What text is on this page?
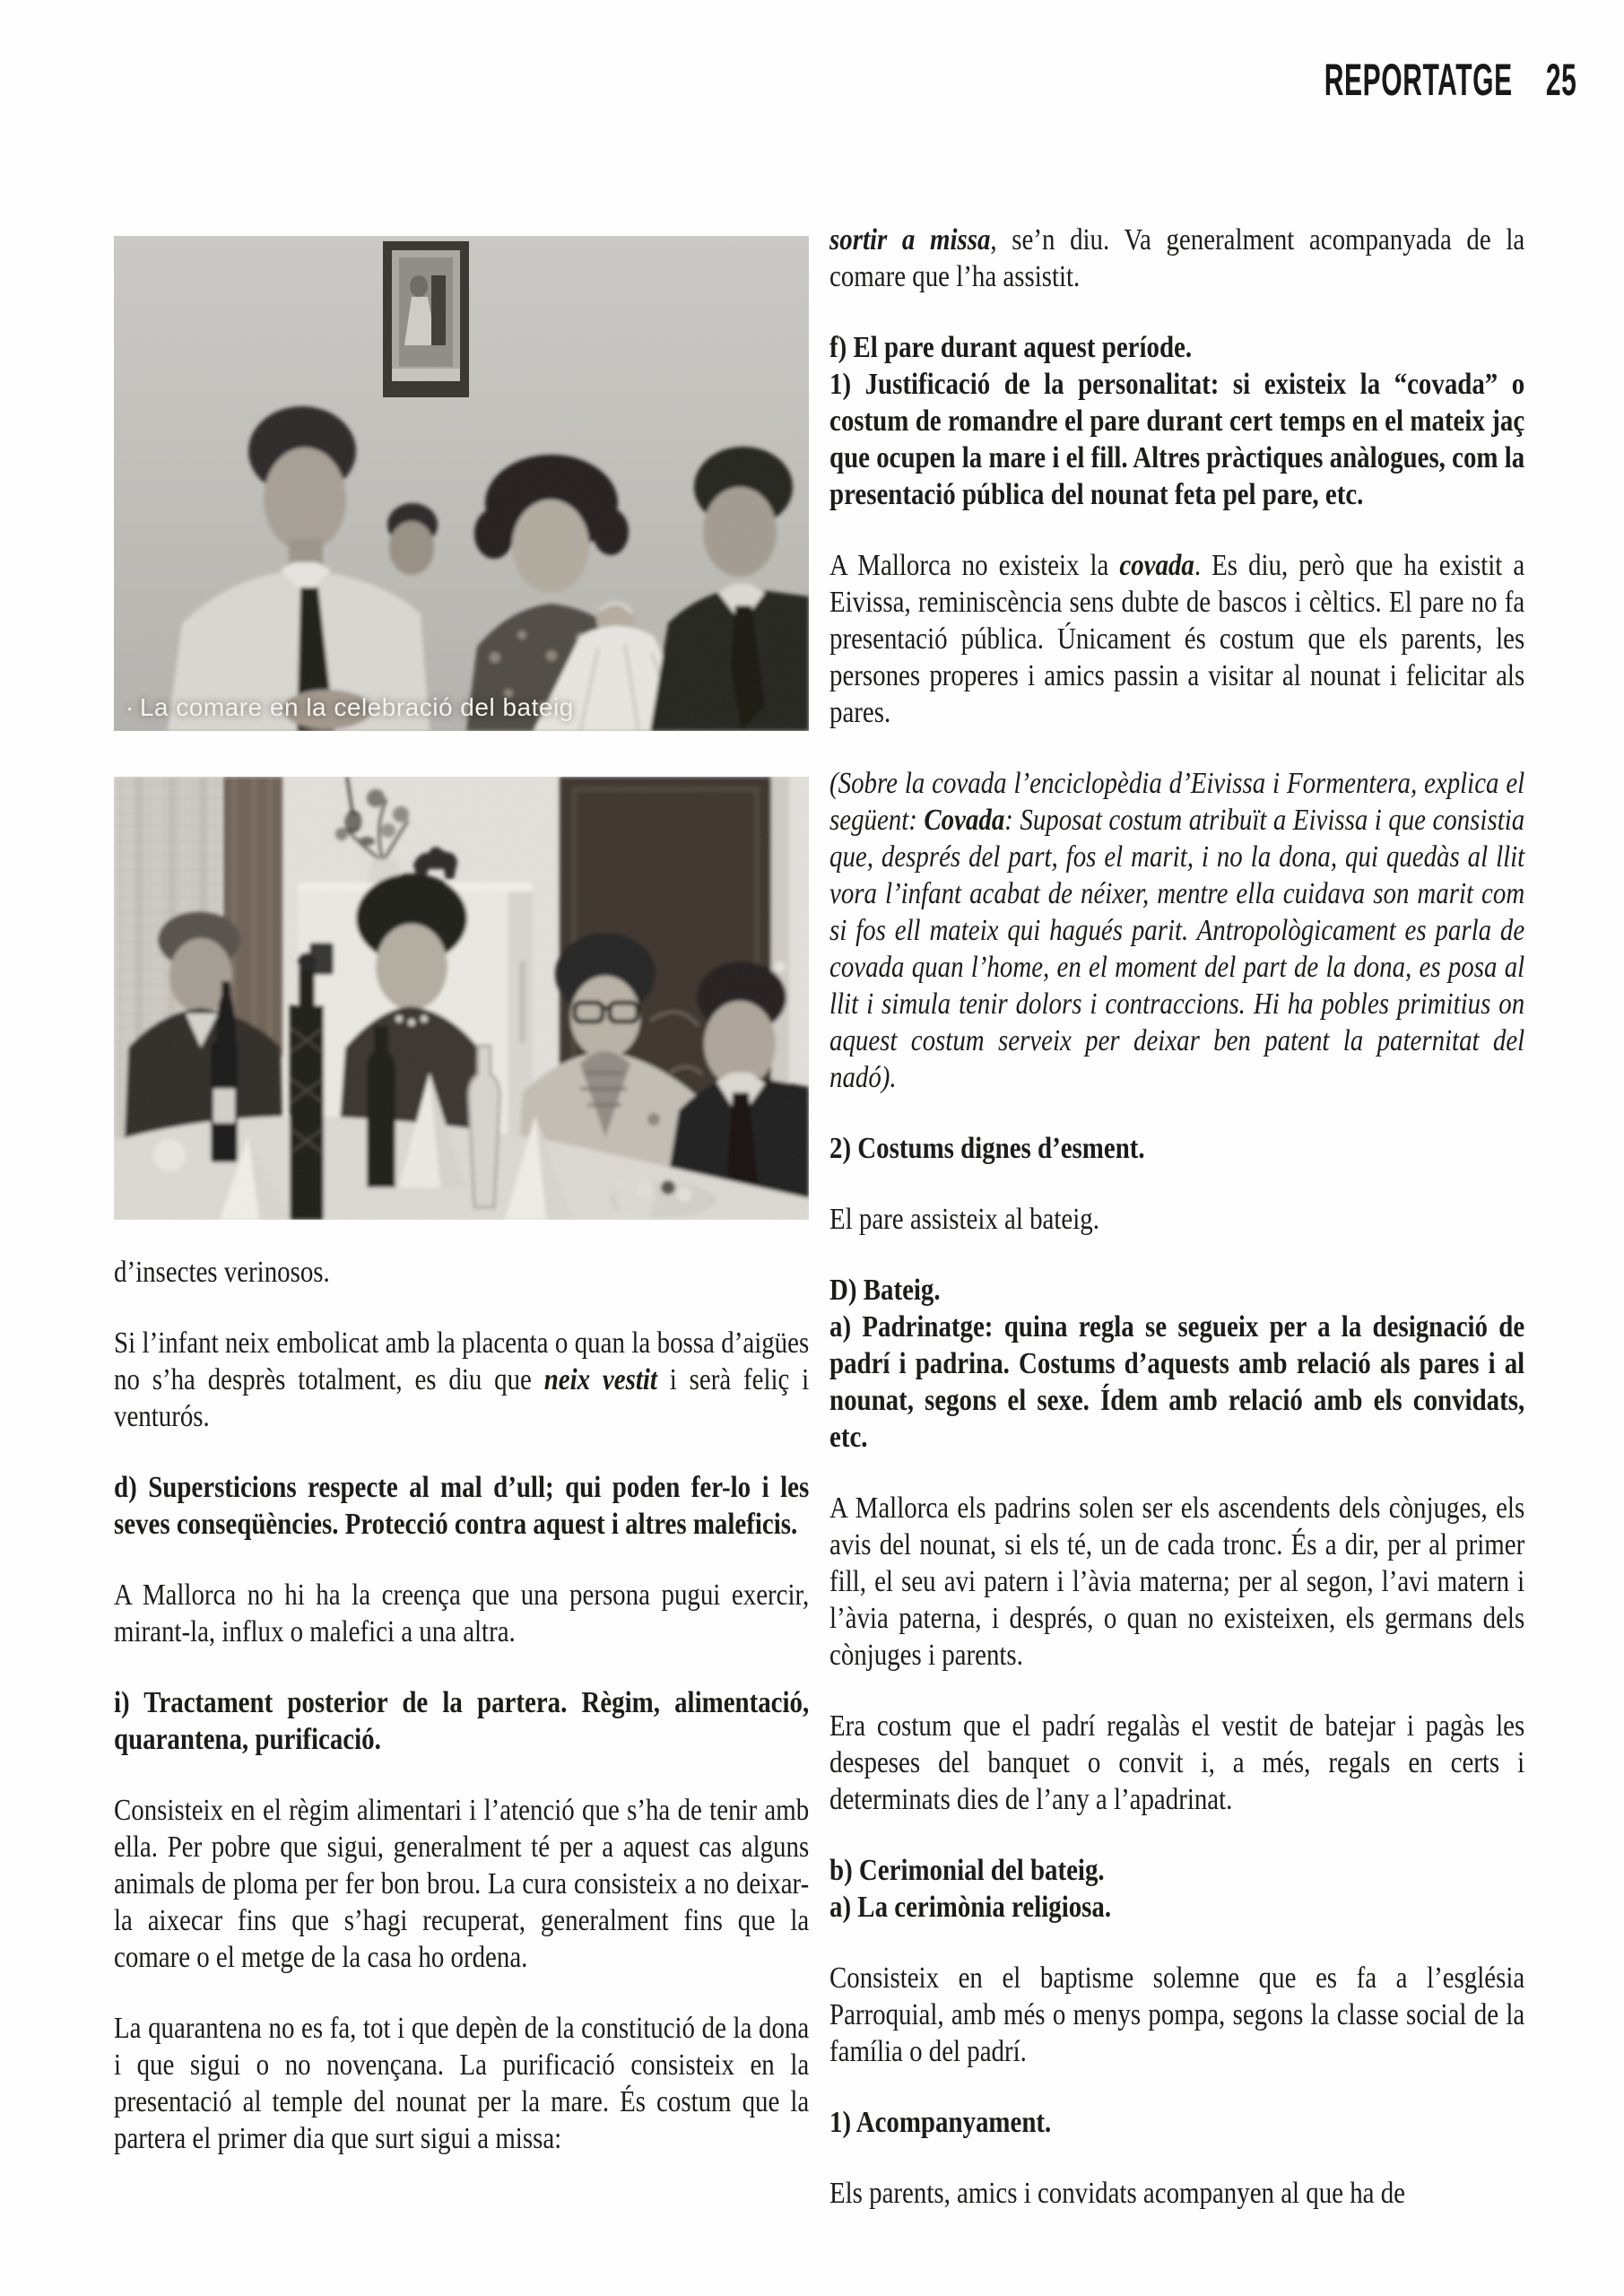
REPORTATGE 25
· La comare en la celebració del bateig

d’insectes verinosos.

Si l’infant neix embolicat amb la placenta o quan la bossa d’aigües no s’ha desprès totalment, es diu que neix vestit i serà feliç i venturós.

d) Supersticions respecte al mal d’ull; qui poden fer-lo i les seves conseqüències. Protecció contra aquest i altres maleficis.

A Mallorca no hi ha la creença que una persona pugui exercir, mirant-la, influx o malefici a una altra.

i) Tractament posterior de la partera. Règim, alimentació, quarantena, purificació.

Consisteix en el règim alimentari i l’atenció que s’ha de tenir amb ella. Per pobre que sigui, generalment té per a aquest cas alguns animals de ploma per fer bon brou. La cura consisteix a no deixar-la aixecar fins que s’hagi recuperat, generalment fins que la comare o el metge de la casa ho ordena.

La quarantena no es fa, tot i que depèn de la constitució de la dona i que sigui o no novençana. La purificació consisteix en la presentació al temple del nounat per la mare. És costum que la partera el primer dia que surt sigui a missa:

sortir a missa, se’n diu. Va generalment acompanyada de la comare que l’ha assistit.

f) El pare durant aquest període.

1) Justificació de la personalitat: si existeix la “covada” o costum de romandre el pare durant cert temps en el mateix jaç que ocupen la mare i el fill. Altres pràctiques anàlogues, com la presentació pública del nounat feta pel pare, etc.

A Mallorca no existeix la covada. Es diu, però que ha existit a Eivissa, reminiscència sens dubte de bascos i cèltics. El pare no fa presentació pública. Únicament és costum que els parents, les persones properes i amics passin a visitar al nounat i felicitar als pares.

(Sobre la covada l’enciclopèdia d’Eivissa i Formentera, explica el següent: Covada: Suposat costum atribuït a Eivissa i que consistia que, després del part, fos el marit, i no la dona, qui quedàs al llit vora l’infant acabat de néixer, mentre ella cuidava son marit com si fos ell mateix qui hagués parit. Antropològicament es parla de covada quan l’home, en el moment del part de la dona, es posa al llit i simula tenir dolors i contraccions. Hi ha pobles primitius on aquest costum serveix per deixar ben patent la paternitat del nadó).

2) Costums dignes d’esment.

El pare assisteix al bateig.

D) Bateig.

a) Padrinatge: quina regla se segueix per a la designació de padrí i padrina. Costums d’aquests amb relació als pares i al nounat, segons el sexe. Ídem amb relació amb els convidats, etc.

A Mallorca els padrins solen ser els ascendents dels cònjuges, els avis del nounat, si els té, un de cada tronc. És a dir, per al primer fill, el seu avi patern i l’àvia materna; per al segon, l’avi matern i l’àvia paterna, i després, o quan no existeixen, els germans dels cònjuges i parents.

Era costum que el padrí regalàs el vestit de batejar i pagàs les despeses del banquet o convit i, a més, regals en certs i determinats dies de l’any a l’apadrinat.

b) Cerimonial del bateig.

a) La cerimònia religiosa.

Consisteix en el baptisme solemne que es fa a l’església Parroquial, amb més o menys pompa, segons la classe social de la família o del padrí.

1) Acompanyament.

Els parents, amics i convidats acompanyen al que ha de
